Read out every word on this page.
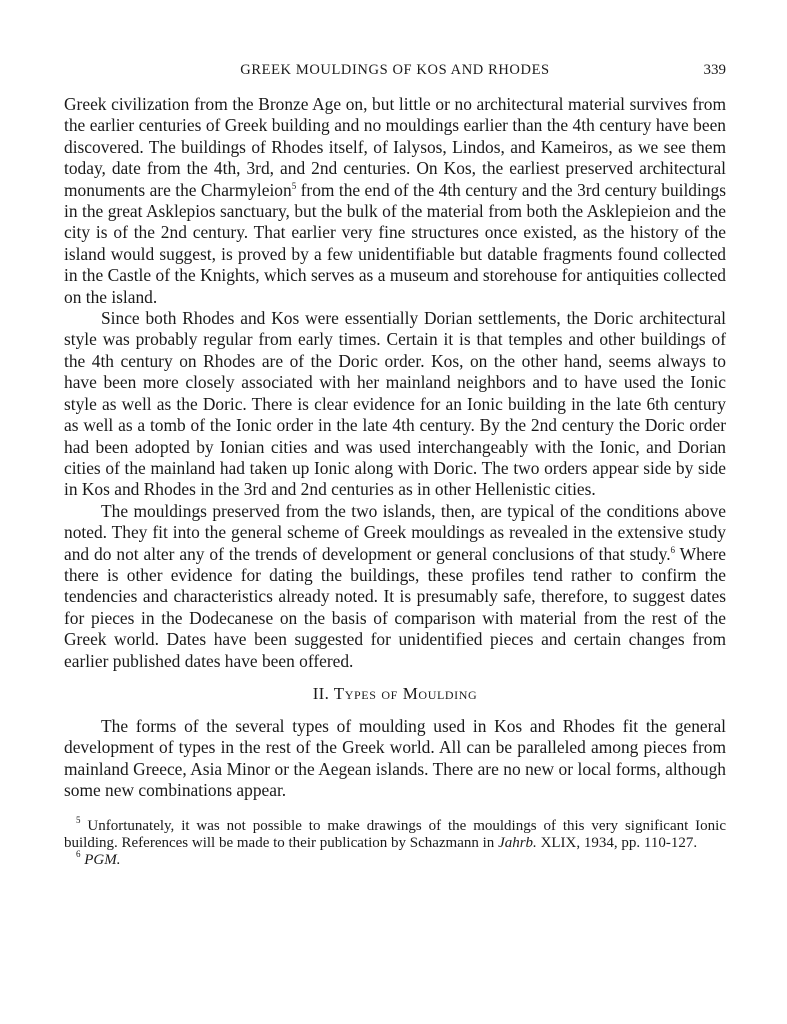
GREEK MOULDINGS OF KOS AND RHODES	339

Greek civilization from the Bronze Age on, but little or no architectural material survives from the earlier centuries of Greek building and no mouldings earlier than the 4th century have been discovered. The buildings of Rhodes itself, of Ialysos, Lindos, and Kameiros, as we see them today, date from the 4th, 3rd, and 2nd centuries. On Kos, the earliest preserved architectural monuments are the Charmyleion$^5$ from the end of the 4th century and the 3rd century buildings in the great Asklepios sanctuary, but the bulk of the material from both the Asklepieion and the city is of the 2nd century. That earlier very fine structures once existed, as the history of the island would suggest, is proved by a few unidentifiable but datable fragments found collected in the Castle of the Knights, which serves as a museum and storehouse for antiquities collected on the island.

Since both Rhodes and Kos were essentially Dorian settlements, the Doric architectural style was probably regular from early times. Certain it is that temples and other buildings of the 4th century on Rhodes are of the Doric order. Kos, on the other hand, seems always to have been more closely associated with her mainland neighbors and to have used the Ionic style as well as the Doric. There is clear evidence for an Ionic building in the late 6th century as well as a tomb of the Ionic order in the late 4th century. By the 2nd century the Doric order had been adopted by Ionian cities and was used interchangeably with the Ionic, and Dorian cities of the mainland had taken up Ionic along with Doric. The two orders appear side by side in Kos and Rhodes in the 3rd and 2nd centuries as in other Hellenistic cities.

The mouldings preserved from the two islands, then, are typical of the conditions above noted. They fit into the general scheme of Greek mouldings as revealed in the extensive study and do not alter any of the trends of development or general conclusions of that study.$^6$ Where there is other evidence for dating the buildings, these profiles tend rather to confirm the tendencies and characteristics already noted. It is presumably safe, therefore, to suggest dates for pieces in the Dodecanese on the basis of comparison with material from the rest of the Greek world. Dates have been suggested for unidentified pieces and certain changes from earlier published dates have been offered.

II. Types of Moulding

The forms of the several types of moulding used in Kos and Rhodes fit the general development of types in the rest of the Greek world. All can be paralleled among pieces from mainland Greece, Asia Minor or the Aegean islands. There are no new or local forms, although some new combinations appear.

$^5$ Unfortunately, it was not possible to make drawings of the mouldings of this very significant Ionic building. References will be made to their publication by Schazmann in Jahrb. XLIX, 1934, pp. 110-127.

$^6$ PGM.
